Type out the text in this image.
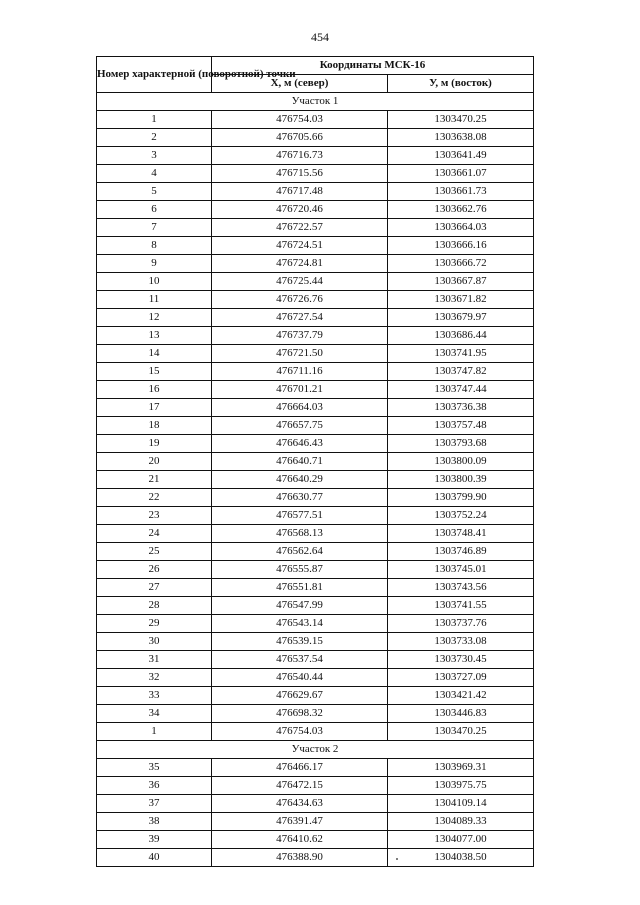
454
Номер характерной (поворотной) точки	Координаты МСК-16	
	X, м (север)	У, м (восток)
Участок 1		
1	476754.03	1303470.25
2	476705.66	1303638.08
3	476716.73	1303641.49
4	476715.56	1303661.07
5	476717.48	1303661.73
6	476720.46	1303662.76
7	476722.57	1303664.03
8	476724.51	1303666.16
9	476724.81	1303666.72
10	476725.44	1303667.87
11	476726.76	1303671.82
12	476727.54	1303679.97
13	476737.79	1303686.44
14	476721.50	1303741.95
15	476711.16	1303747.82
16	476701.21	1303747.44
17	476664.03	1303736.38
18	476657.75	1303757.48
19	476646.43	1303793.68
20	476640.71	1303800.09
21	476640.29	1303800.39
22	476630.77	1303799.90
23	476577.51	1303752.24
24	476568.13	1303748.41
25	476562.64	1303746.89
26	476555.87	1303745.01
27	476551.81	1303743.56
28	476547.99	1303741.55
29	476543.14	1303737.76
30	476539.15	1303733.08
31	476537.54	1303730.45
32	476540.44	1303727.09
33	476629.67	1303421.42
34	476698.32	1303446.83
1	476754.03	1303470.25
Участок 2		
35	476466.17	1303969.31
36	476472.15	1303975.75
37	476434.63	1304109.14
38	476391.47	1304089.33
39	476410.62	1304077.00
40	476388.90	1304038.50
